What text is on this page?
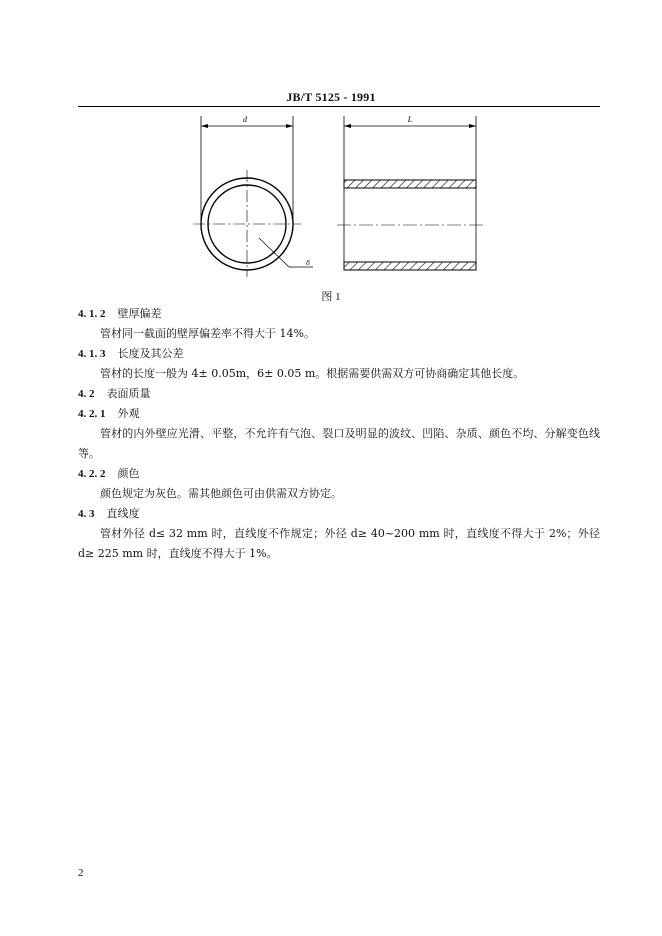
JB/T 5125 - 1991
d
δ
L
图 1

4. 1. 2 壁厚偏差

管材同一截面的壁厚偏差率不得大于 14%。

4. 1. 3 长度及其公差

管材的长度一般为 4± 0.05m，6± 0.05 m。根据需要供需双方可协商确定其他长度。

4. 2 表面质量

4. 2. 1 外观

管材的内外壁应光滑、平整，不允许有气泡、裂口及明显的波纹、凹陷、杂质、颜色不均、分解变色线等。

4. 2. 2 颜色

颜色规定为灰色。需其他颜色可由供需双方协定。

4. 3 直线度

管材外径 d≤ 32 mm 时，直线度不作规定；外径 d≥ 40~200 mm 时，直线度不得大于 2%；外径 d≥ 225 mm 时，直线度不得大于 1%。

2
